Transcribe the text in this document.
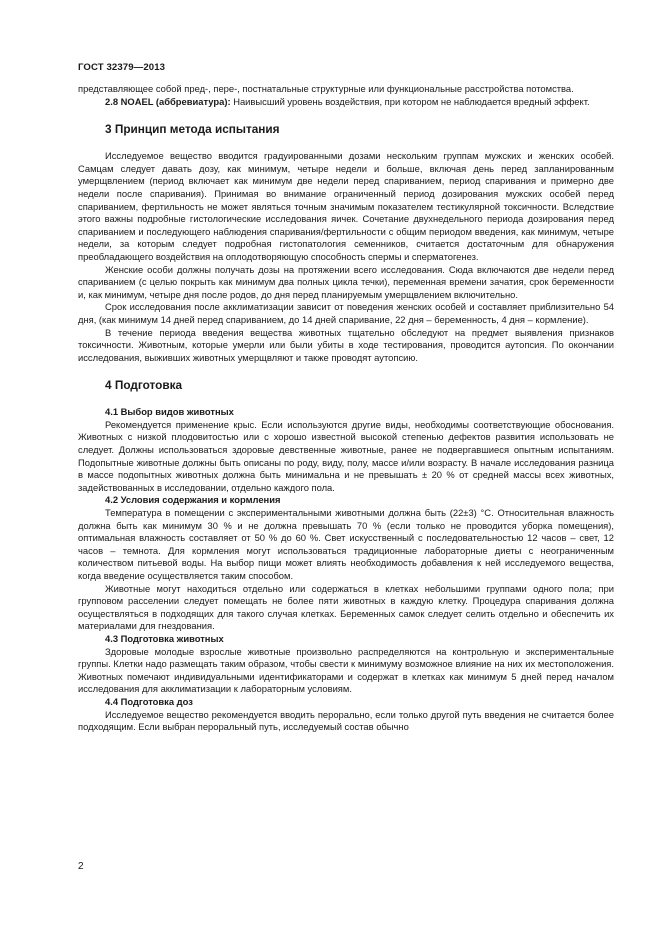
ГОСТ 32379—2013

представляющее собой пред-, пере-, постнатальные структурные или функциональные расстройства потомства.

2.8 NOAEL (аббревиатура): Наивысший уровень воздействия, при котором не наблюдается вредный эффект.

3 Принцип метода испытания

Исследуемое вещество вводится градуированными дозами нескольким группам мужских и женских особей. Самцам следует давать дозу, как минимум, четыре недели и больше, включая день перед запланированным умерщвлением (период включает как минимум две недели перед спариванием, период спаривания и примерно две недели после спаривания). Принимая во внимание ограниченный период дозирования мужских особей перед спариванием, фертильность не может являться точным значимым показателем тестикулярной токсичности. Вследствие этого важны подробные гистологические исследования яичек. Сочетание двухнедельного периода дозирования перед спариванием и последующего наблюдения спаривания/фертильности с общим периодом введения, как минимум, четыре недели, за которым следует подробная гистопатология семенников, считается достаточным для обнаружения преобладающего воздействия на оплодотворяющую способность спермы и сперматогенез.

Женские особи должны получать дозы на протяжении всего исследования. Сюда включаются две недели перед спариванием (с целью покрыть как минимум два полных цикла течки), переменная времени зачатия, срок беременности и, как минимум, четыре дня после родов, до дня перед планируемым умерщвлением включительно.

Срок исследования после акклиматизации зависит от поведения женских особей и составляет приблизительно 54 дня, (как минимум 14 дней перед спариванием, до 14 дней спаривание, 22 дня – беременность, 4 дня – кормление).

В течение периода введения вещества животных тщательно обследуют на предмет выявления признаков токсичности. Животным, которые умерли или были убиты в ходе тестирования, проводится аутопсия. По окончании исследования, выживших животных умерщвляют и также проводят аутопсию.

4 Подготовка
4.1 Выбор видов животных

Рекомендуется применение крыс. Если используются другие виды, необходимы соответствующие обоснования. Животных с низкой плодовитостью или с хорошо известной высокой степенью дефектов развития использовать не следует. Должны использоваться здоровые девственные животные, ранее не подвергавшиеся опытным испытаниям. Подопытные животные должны быть описаны по роду, виду, полу, массе и/или возрасту. В начале исследования разница в массе подопытных животных должна быть минимальна и не превышать ± 20 % от средней массы всех животных, задействованных в исследовании, отдельно каждого пола.

4.2 Условия содержания и кормления

Температура в помещении с экспериментальными животными должна быть (22±3) °С. Относительная влажность должна быть как минимум 30 % и не должна превышать 70 % (если только не проводится уборка помещения), оптимальная влажность составляет от 50 % до 60 %. Свет искусственный с последовательностью 12 часов – свет, 12 часов – темнота. Для кормления могут использоваться традиционные лабораторные диеты с неограниченным количеством питьевой воды. На выбор пищи может влиять необходимость добавления к ней исследуемого вещества, когда введение осуществляется таким способом.

Животные могут находиться отдельно или содержаться в клетках небольшими группами одного пола; при групповом расселении следует помещать не более пяти животных в каждую клетку. Процедура спаривания должна осуществляться в подходящих для такого случая клетках. Беременных самок следует селить отдельно и обеспечить их материалами для гнездования.

4.3 Подготовка животных

Здоровые молодые взрослые животные произвольно распределяются на контрольную и экспериментальные группы. Клетки надо размещать таким образом, чтобы свести к минимуму возможное влияние на них их местоположения. Животных помечают индивидуальными идентификаторами и содержат в клетках как минимум 5 дней перед началом исследования для акклиматизации к лабораторным условиям.

4.4 Подготовка доз

Исследуемое вещество рекомендуется вводить перорально, если только другой путь введения не считается более подходящим. Если выбран пероральный путь, исследуемый состав обычно

2
